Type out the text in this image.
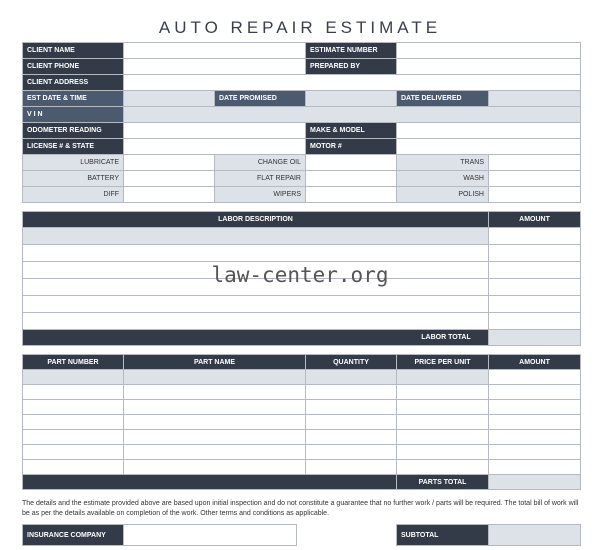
AUTO REPAIR ESTIMATE
CLIENT NAME			ESTIMATE NUMBER		
CLIENT PHONE			PREPARED BY		
CLIENT ADDRESS					
EST DATE & TIME		DATE PROMISED		DATE DELIVERED	
V I N					
ODOMETER READING			MAKE & MODEL		
LICENSE # & STATE			MOTOR #		
LUBRICATE		CHANGE OIL		TRANS	
BATTERY		FLAT REPAIR		WASH	
DIFF		WIPERS		POLISH	
LABOR DESCRIPTION	AMOUNT

LABOR TOTAL	

PART NUMBER	PART NAME	QUANTITY	PRICE PER UNIT	AMOUNT

			PARTS TOTAL	
law-center.org
The details and the estimate provided above are based upon initial inspection and do not constitute a guarantee that no further work / parts will be required. The total bill of work will be as per the details available on completion of the work. Other terms and conditions as applicable.
INSURANCE COMPANY			SUBTOTAL	
